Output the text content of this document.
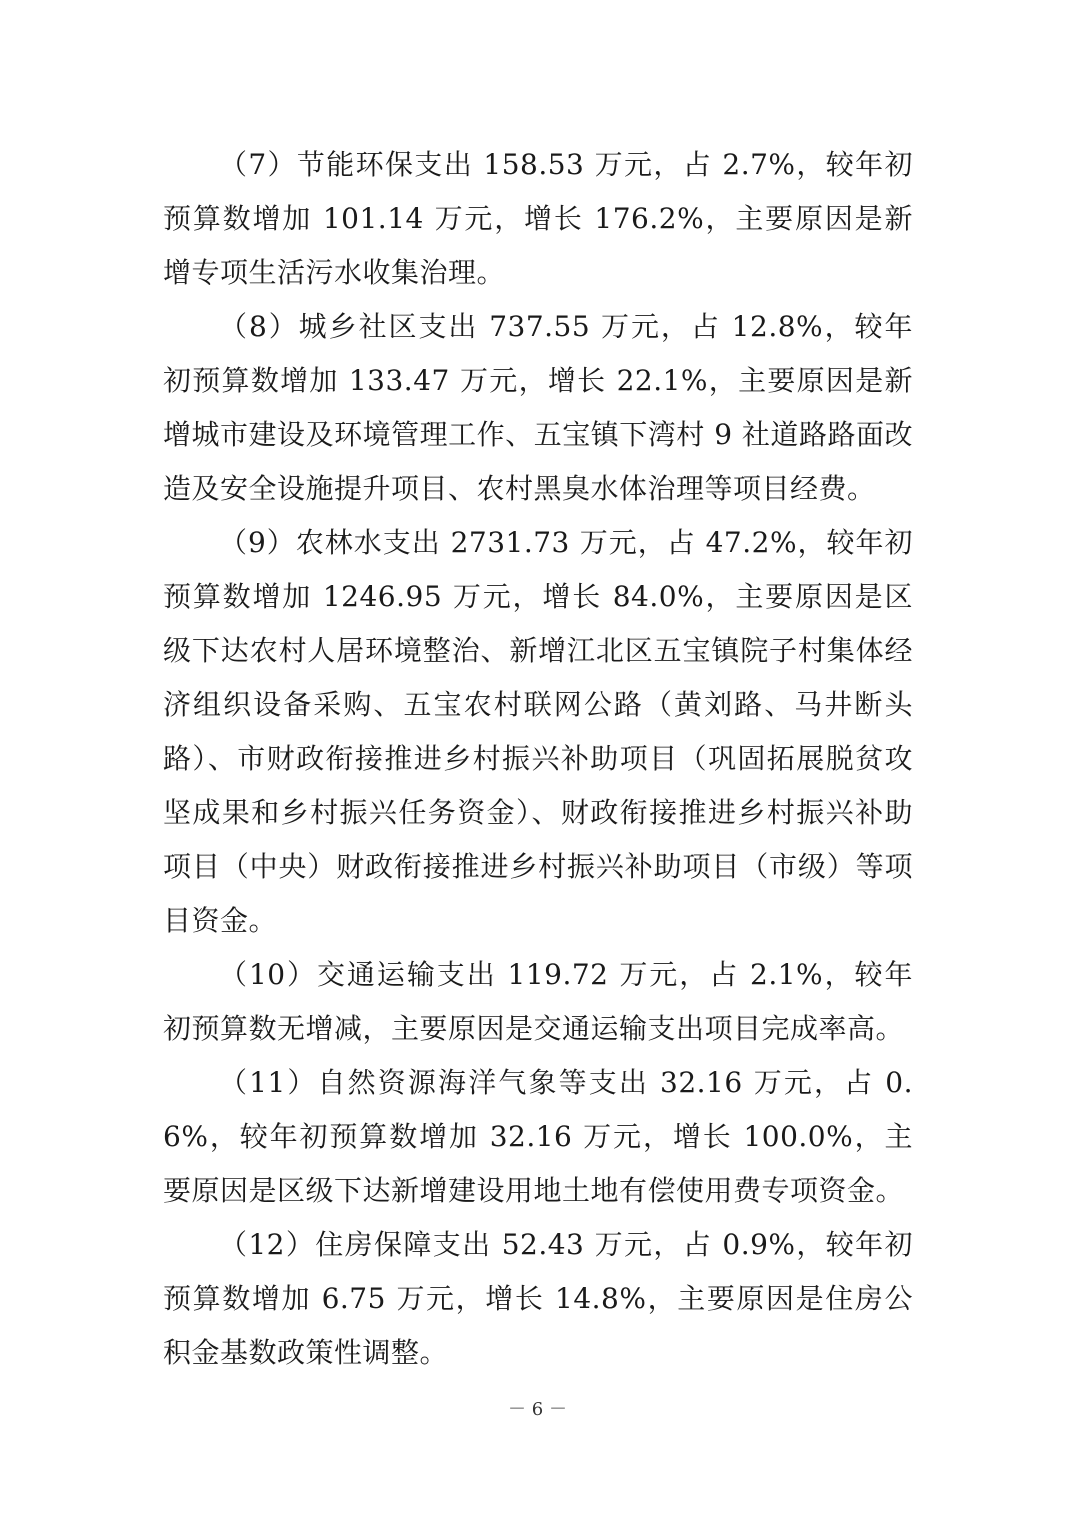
（7）节能环保支出 158.53 万元，占 2.7%，较年初预算数增加 101.14 万元，增长 176.2%，主要原因是新增专项生活污水收集治理。

（8）城乡社区支出 737.55 万元，占 12.8%，较年初预算数增加 133.47 万元，增长 22.1%，主要原因是新增城市建设及环境管理工作、五宝镇下湾村 9 社道路路面改造及安全设施提升项目、农村黑臭水体治理等项目经费。

（9）农林水支出 2731.73 万元，占 47.2%，较年初预算数增加 1246.95 万元，增长 84.0%，主要原因是区级下达农村人居环境整治、新增江北区五宝镇院子村集体经济组织设备采购、五宝农村联网公路（黄刘路、马井断头路）、市财政衔接推进乡村振兴补助项目（巩固拓展脱贫攻坚成果和乡村振兴任务资金）、财政衔接推进乡村振兴补助项目（中央）财政衔接推进乡村振兴补助项目（市级）等项目资金。

（10）交通运输支出 119.72 万元，占 2.1%，较年初预算数无增减，主要原因是交通运输支出项目完成率高。

（11）自然资源海洋气象等支出 32.16 万元，占 0.6%，较年初预算数增加 32.16 万元，增长 100.0%，主要原因是区级下达新增建设用地土地有偿使用费专项资金。

（12）住房保障支出 52.43 万元，占 0.9%，较年初预算数增加 6.75 万元，增长 14.8%，主要原因是住房公积金基数政策性调整。

－ 6 －
